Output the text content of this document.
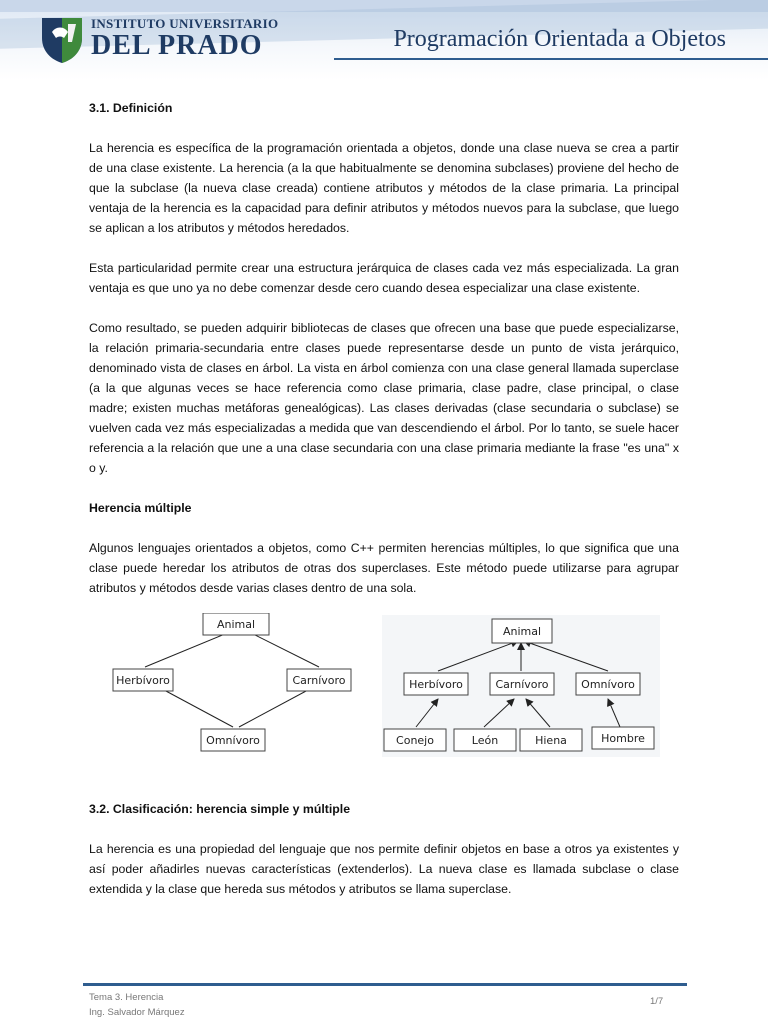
INSTITUTO UNIVERSITARIO
DEL PRADO	Programación Orientada a Objetos
3.1. Definición

La herencia es específica de la programación orientada a objetos, donde una clase nueva se crea a partir de una clase existente. La herencia (a la que habitualmente se denomina subclases) proviene del hecho de que la subclase (la nueva clase creada) contiene atributos y métodos de la clase primaria. La principal ventaja de la herencia es la capacidad para definir atributos y métodos nuevos para la subclase, que luego se aplican a los atributos y métodos heredados.

Esta particularidad permite crear una estructura jerárquica de clases cada vez más especializada. La gran ventaja es que uno ya no debe comenzar desde cero cuando desea especializar una clase existente.

Como resultado, se pueden adquirir bibliotecas de clases que ofrecen una base que puede especializarse, la relación primaria-secundaria entre clases puede representarse desde un punto de vista jerárquico, denominado vista de clases en árbol. La vista en árbol comienza con una clase general llamada superclase (a la que algunas veces se hace referencia como clase primaria, clase padre, clase principal, o clase madre; existen muchas metáforas genealógicas). Las clases derivadas (clase secundaria o subclase) se vuelven cada vez más especializadas a medida que van descendiendo el árbol. Por lo tanto, se suele hacer referencia a la relación que une a una clase secundaria con una clase primaria mediante la frase "es una" x o y.

Herencia múltiple

Algunos lenguajes orientados a objetos, como C++ permiten herencias múltiples, lo que significa que una clase puede heredar los atributos de otras dos superclases. Este método puede utilizarse para agrupar atributos y métodos desde varias clases dentro de una sola.

Animal
Herbívoro	Carnívoro
Omnívoro
Animal
Herbívoro	Carnívoro	Omnívoro
Conejo	León	Hiena	Hombre
3.2. Clasificación: herencia simple y múltiple

La herencia es una propiedad del lenguaje que nos permite definir objetos en base a otros ya existentes y así poder añadirles nuevas características (extenderlos). La nueva clase es llamada subclase o clase extendida y la clase que hereda sus métodos y atributos se llama superclase.

Tema 3. Herencia
Ing. Salvador Márquez
1/7
